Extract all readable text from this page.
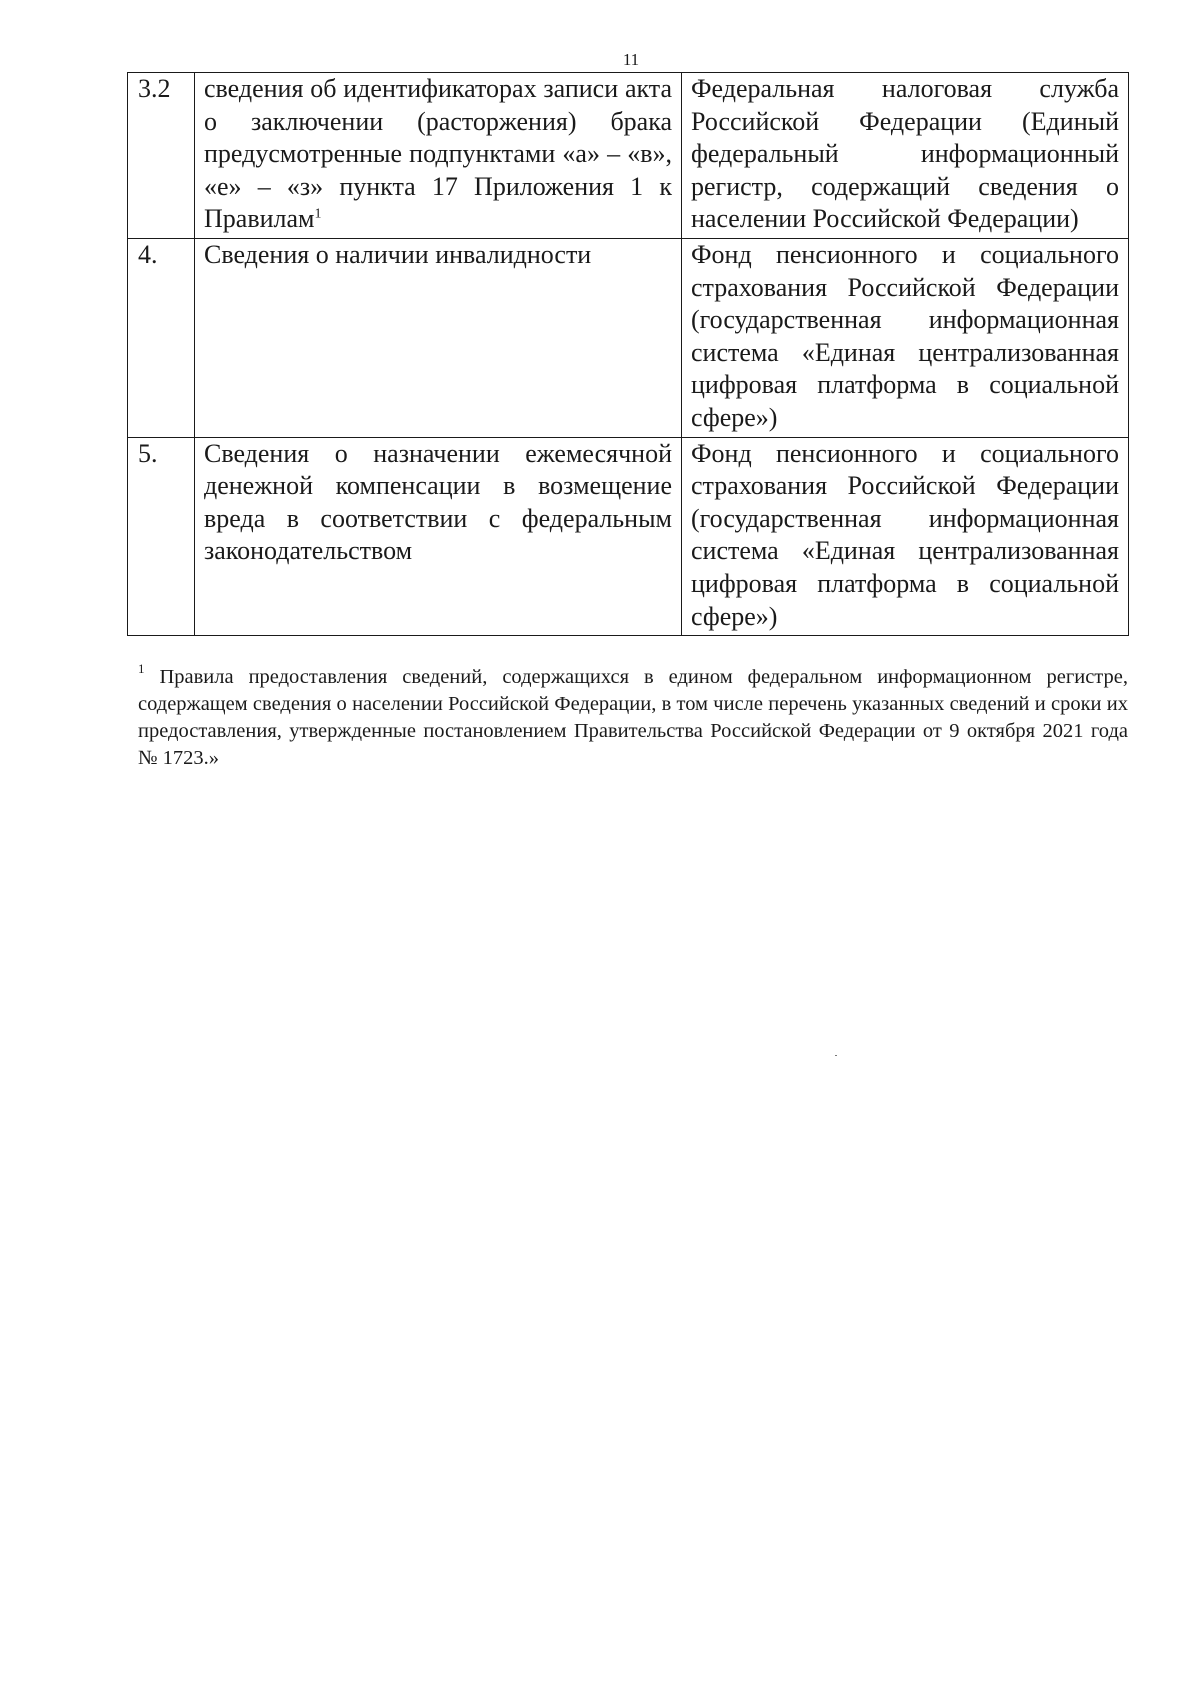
11
3.2	сведения об идентификаторах записи акта о заключении (расторжения) брака предусмотренные подпунктами «а» – «в», «е» – «з» пункта 17 Приложения 1 к Правилам$^1$	Федеральная налоговая служба Российской Федерации (Единый федеральный информационный регистр, содержащий сведения о населении Российской Федерации)

4.	Сведения о наличии инвалидности	Фонд пенсионного и социального страхования Российской Федерации (государственная информационная система «Единая централизованная цифровая платформа в социальной сфере»)

5.	Сведения о назначении ежемесячной денежной компенсации в возмещение вреда в соответствии с федеральным законодательством	Фонд пенсионного и социального страхования Российской Федерации (государственная информационная система «Единая централизованная цифровая платформа в социальной сфере»)
$^1$ Правила предоставления сведений, содержащихся в едином федеральном информационном регистре, содержащем сведения о населении Российской Федерации, в том числе перечень указанных сведений и сроки их предоставления, утвержденные постановлением Правительства Российской Федерации от 9 октября 2021 года № 1723.»
